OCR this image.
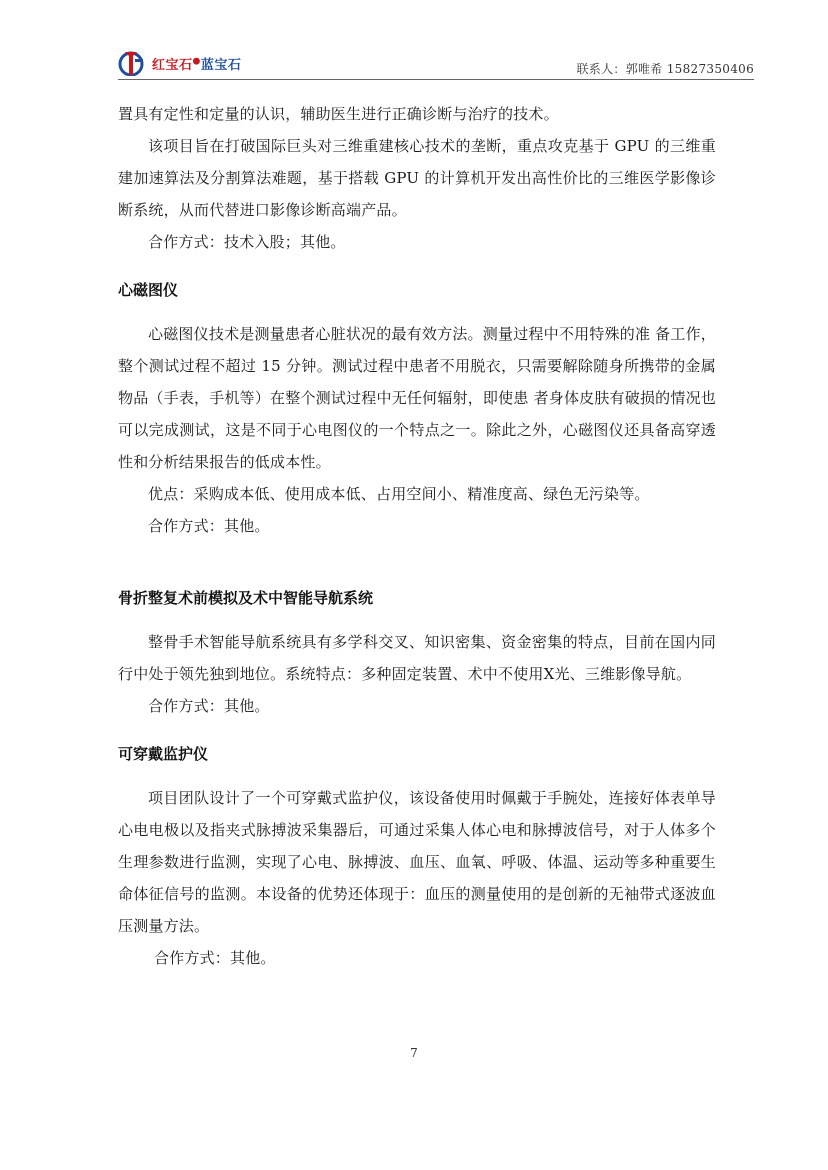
红宝石●蓝宝石	联系人：郭唯希 15827350406

置具有定性和定量的认识，辅助医生进行正确诊断与治疗的技术。

该项目旨在打破国际巨头对三维重建核心技术的垄断，重点攻克基于 GPU 的三维重建加速算法及分割算法难题，基于搭载 GPU 的计算机开发出高性价比的三维医学影像诊断系统，从而代替进口影像诊断高端产品。

合作方式：技术入股；其他。

心磁图仪

心磁图仪技术是测量患者心脏状况的最有效方法。测量过程中不用特殊的准 备工作，整个测试过程不超过 15 分钟。测试过程中患者不用脱衣，只需要解除随身所携带的金属物品（手表，手机等）在整个测试过程中无任何辐射，即使患 者身体皮肤有破损的情况也可以完成测试，这是不同于心电图仪的一个特点之一。除此之外，心磁图仪还具备高穿透性和分析结果报告的低成本性。

优点：采购成本低、使用成本低、占用空间小、精准度高、绿色无污染等。

合作方式：其他。

骨折整复术前模拟及术中智能导航系统

整骨手术智能导航系统具有多学科交叉、知识密集、资金密集的特点，目前在国内同行中处于领先独到地位。系统特点：多种固定装置、术中不使用X光、三维影像导航。

合作方式：其他。

可穿戴监护仪

项目团队设计了一个可穿戴式监护仪，该设备使用时佩戴于手腕处，连接好体表单导心电电极以及指夹式脉搏波采集器后，可通过采集人体心电和脉搏波信号，对于人体多个生理参数进行监测，实现了心电、脉搏波、血压、血氧、呼吸、体温、运动等多种重要生命体征信号的监测。本设备的优势还体现于：血压的测量使用的是创新的无袖带式逐波血压测量方法。

合作方式：其他。

7
